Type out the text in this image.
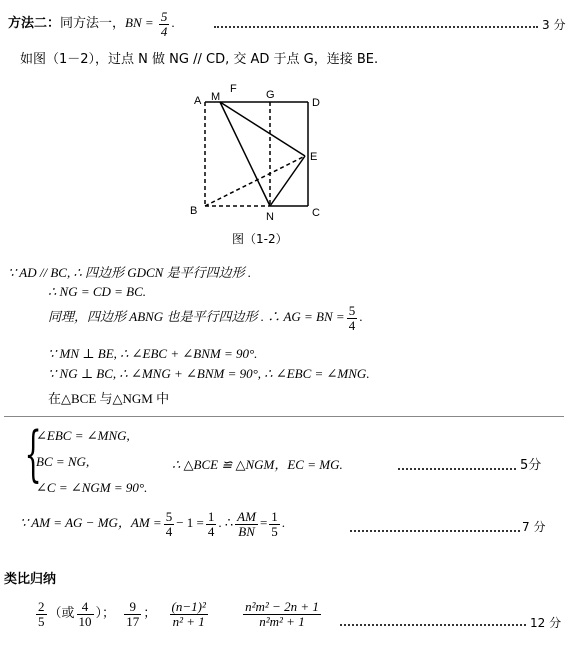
方法二：同方法一，BN = $\frac{5}{4}$ .	3 分
如图（1－2），过点 N 做 NG // CD, 交 AD 于点 G，连接 BE.
A M
F	G
D
E
B	N	C
图（1-2）
∵ AD // BC, ∴ 四边形 GDCN 是平行四边形 .
∴ NG = CD = BC.
同理，四边形 ABNG 也是平行四边形 . ∴ AG = BN = $\frac{5}{4}$ .
∵ MN ⊥ BE, ∴ ∠EBC + ∠BNM = 90°.
∵ NG ⊥ BC, ∴ ∠MNG + ∠BNM = 90°, ∴ ∠EBC = ∠MNG.
在△BCE 与△NGM 中
{
∠EBC = ∠MNG,
BC = NG,
∠C = ∠NGM = 90°.
∴ △BCE ≌ △NGM，EC = MG.	5分
∵ AM = AG − MG，AM = $\frac{5}{4} - 1 = \frac{1}{4}$ . ∴ $\frac{AM}{BN} = \frac{1}{5}$ .	7 分
类比归纳
$\frac{2}{5}$ （或 $\frac{4}{10}$ ）； $\frac{9}{17}$ ； $\frac{\text{(n−1)²}}{\text{n² + 1}}$
	$\frac{\text{n²m² − 2n + 1}}{\text{n²m² + 1}}$	12 分
